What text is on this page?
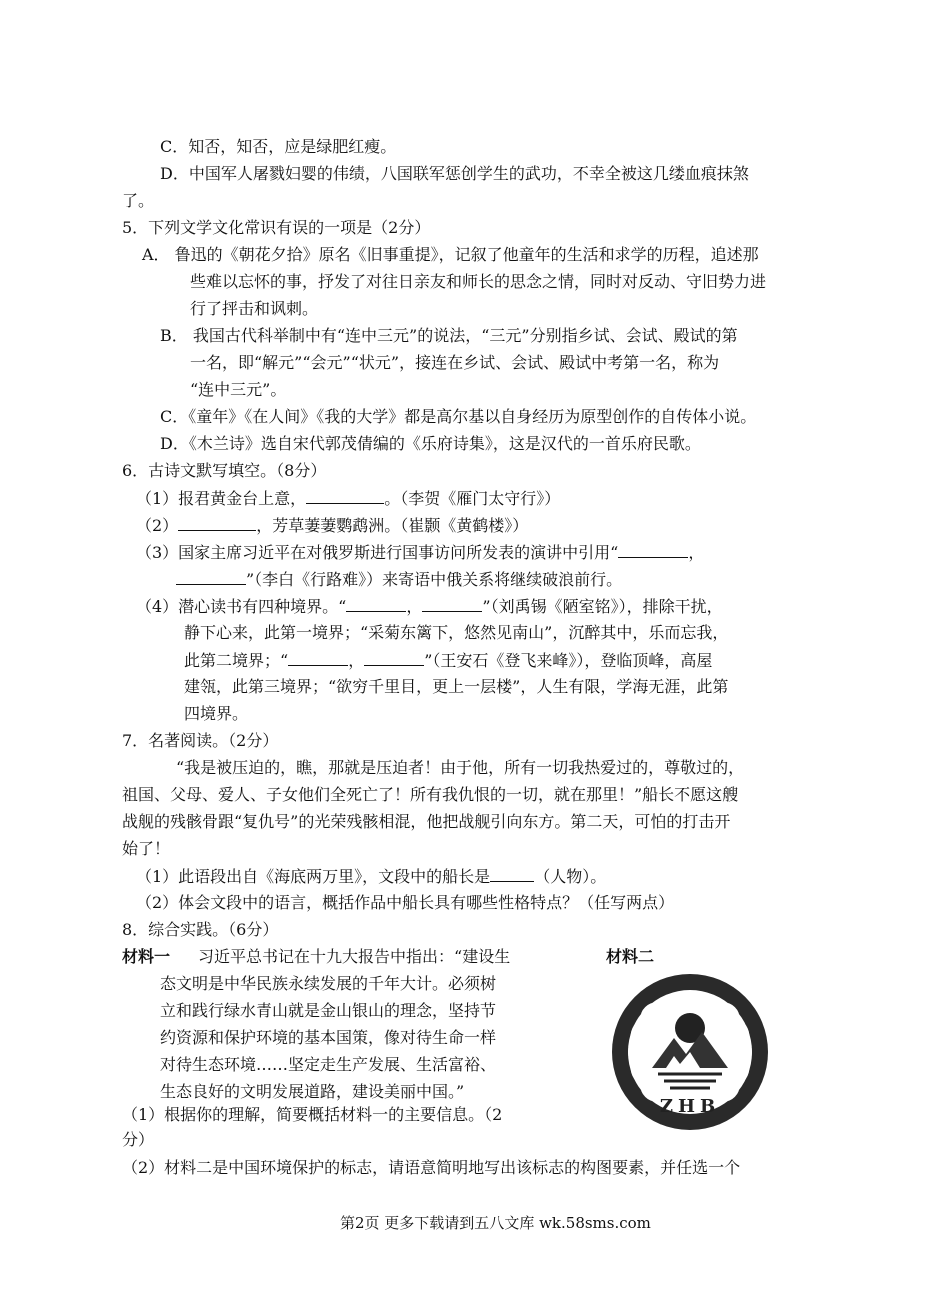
C．知否，知否，应是绿肥红瘦。
D．中国军人屠戮妇婴的伟绩，八国联军惩创学生的武功，不幸全被这几缕血痕抹煞
了。
5．下列文学文化常识有误的一项是（2分）
A． 鲁迅的《朝花夕拾》原名《旧事重提》，记叙了他童年的生活和求学的历程，追述那
些难以忘怀的事，抒发了对往日亲友和师长的思念之情，同时对反动、守旧势力进
行了抨击和讽刺。
B． 我国古代科举制中有“连中三元”的说法，“三元”分别指乡试、会试、殿试的第
一名，即“解元”“会元”“状元”，接连在乡试、会试、殿试中考第一名，称为
“连中三元”。
C．《童年》《在人间》《我的大学》都是高尔基以自身经历为原型创作的自传体小说。
D．《木兰诗》选自宋代郭茂倩编的《乐府诗集》，这是汉代的一首乐府民歌。
6．古诗文默写填空。（8分）
（1）报君黄金台上意，	。（李贺《雁门太守行》）
（2）	，芳草萋萋鹦鹉洲。（崔颢《黄鹤楼》）
（3）国家主席习近平在对俄罗斯进行国事访问所发表的演讲中引用“	，
”（李白《行路难》）来寄语中俄关系将继续破浪前行。
（4）潜心读书有四种境界。“	，	”（刘禹锡《陋室铭》），排除干扰，
静下心来，此第一境界；“采菊东篱下，悠然见南山”，沉醉其中，乐而忘我，
此第二境界；“	，	”（王安石《登飞来峰》），登临顶峰，高屋
建瓴，此第三境界；“欲穷千里目，更上一层楼”，人生有限，学海无涯，此第
四境界。
7．名著阅读。（2分）
“我是被压迫的，瞧，那就是压迫者！由于他，所有一切我热爱过的，尊敬过的，
祖国、父母、爱人、子女他们全死亡了！所有我仇恨的一切，就在那里！”船长不愿这艘
战舰的残骸骨跟“复仇号”的光荣残骸相混，他把战舰引向东方。第二天，可怕的打击开
始了！
（1）此语段出自《海底两万里》，文段中的船长是	（人物）。
（2）体会文段中的语言，概括作品中船长具有哪些性格特点？（任写两点）
8．综合实践。（6分）
材料一 习近平总书记在十九大报告中指出：“建设生	材料二
态文明是中华民族永续发展的千年大计。必须树
立和践行绿水青山就是金山银山的理念，坚持节
约资源和保护环境的基本国策，像对待生命一样
对待生态环境……坚定走生产发展、生活富裕、
生态良好的文明发展道路，建设美丽中国。”
ZHB
（1）根据你的理解，简要概括材料一的主要信息。（2
分）
（2）材料二是中国环境保护的标志，请语意简明地写出该标志的构图要素，并任选一个
第2页 更多下载请到五八文库 wk.58sms.com
